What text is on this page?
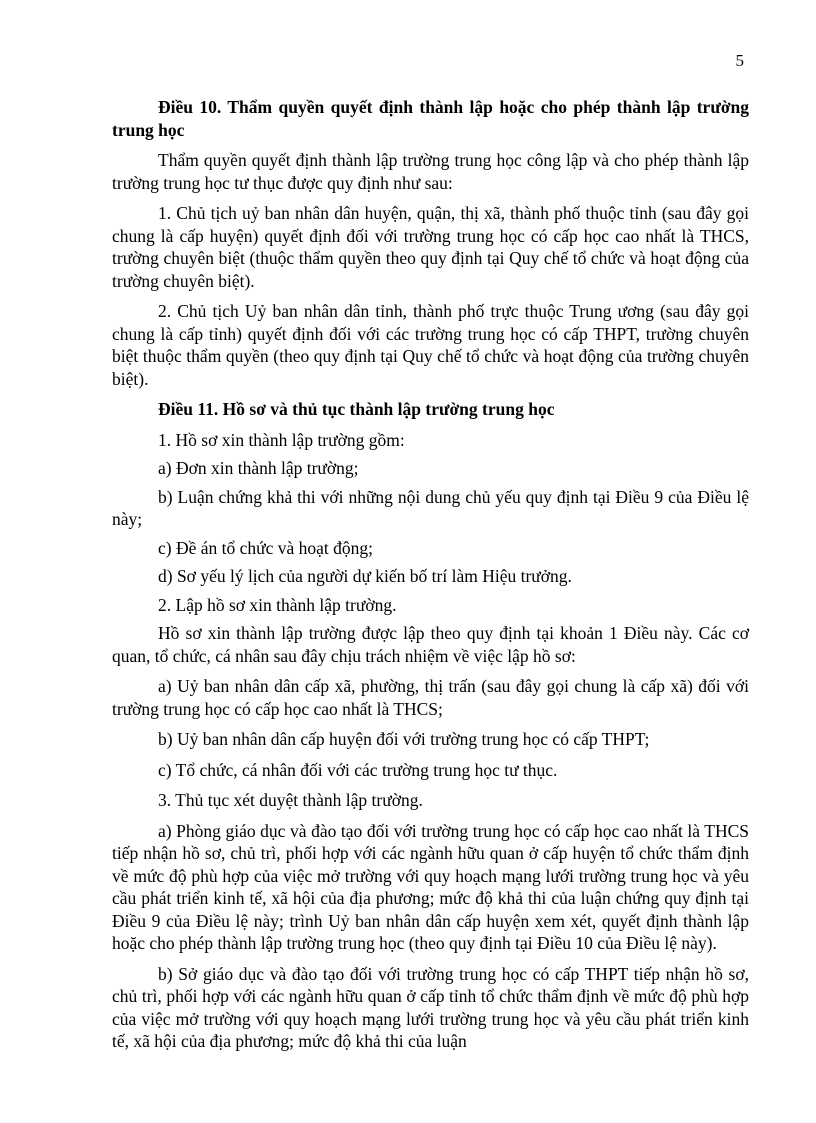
5

Điều 10. Thẩm quyền quyết định thành lập hoặc cho phép thành lập trường trung học

Thẩm quyền quyết định thành lập trường trung học công lập và cho phép thành lập trường trung học tư thục được quy định như sau:

1. Chủ tịch uỷ ban nhân dân huyện, quận, thị xã, thành phố thuộc tỉnh (sau đây gọi chung là cấp huyện) quyết định đối với trường trung học có cấp học cao nhất là THCS, trường chuyên biệt (thuộc thẩm quyền theo quy định tại Quy chế tổ chức và hoạt động của trường chuyên biệt).

2. Chủ tịch Uỷ ban nhân dân tỉnh, thành phố trực thuộc Trung ương (sau đây gọi chung là cấp tỉnh) quyết định đối với các trường trung học có cấp THPT, trường chuyên biệt thuộc thẩm quyền (theo quy định tại Quy chế tổ chức và hoạt động của trường chuyên biệt).

Điều 11. Hồ sơ và thủ tục thành lập trường trung học

1. Hồ sơ xin thành lập trường gồm:

a) Đơn xin thành lập trường;

b) Luận chứng khả thi với những nội dung chủ yếu quy định tại Điều 9 của Điều lệ này;

c) Đề án tổ chức và hoạt động;

d) Sơ yếu lý lịch của người dự kiến bố trí làm Hiệu trưởng.

2. Lập hồ sơ xin thành lập trường.

Hồ sơ xin thành lập trường được lập theo quy định tại khoản 1 Điều này. Các cơ quan, tổ chức, cá nhân sau đây chịu trách nhiệm về việc lập hồ sơ:

a) Uỷ ban nhân dân cấp xã, phường, thị trấn (sau đây gọi chung là cấp xã) đối với trường trung học có cấp học cao nhất là THCS;

b) Uỷ ban nhân dân cấp huyện đối với trường trung học có cấp THPT;

c) Tổ chức, cá nhân đối với các trường trung học tư thục.

3. Thủ tục xét duyệt thành lập trường.

a) Phòng giáo dục và đào tạo đối với trường trung học có cấp học cao nhất là THCS tiếp nhận hồ sơ, chủ trì, phối hợp với các ngành hữu quan ở cấp huyện tổ chức thẩm định về mức độ phù hợp của việc mở trường với quy hoạch mạng lưới trường trung học và yêu cầu phát triển kinh tế, xã hội của địa phương; mức độ khả thi của luận chứng quy định tại Điều 9 của Điều lệ này; trình Uỷ ban nhân dân cấp huyện xem xét, quyết định thành lập hoặc cho phép thành lập trường trung học (theo quy định tại Điều 10 của Điều lệ này).

b) Sở giáo dục và đào tạo đối với trường trung học có cấp THPT tiếp nhận hồ sơ, chủ trì, phối hợp với các ngành hữu quan ở cấp tỉnh tổ chức thẩm định về mức độ phù hợp của việc mở trường với quy hoạch mạng lưới trường trung học và yêu cầu phát triển kinh tế, xã hội của địa phương; mức độ khả thi của luận
